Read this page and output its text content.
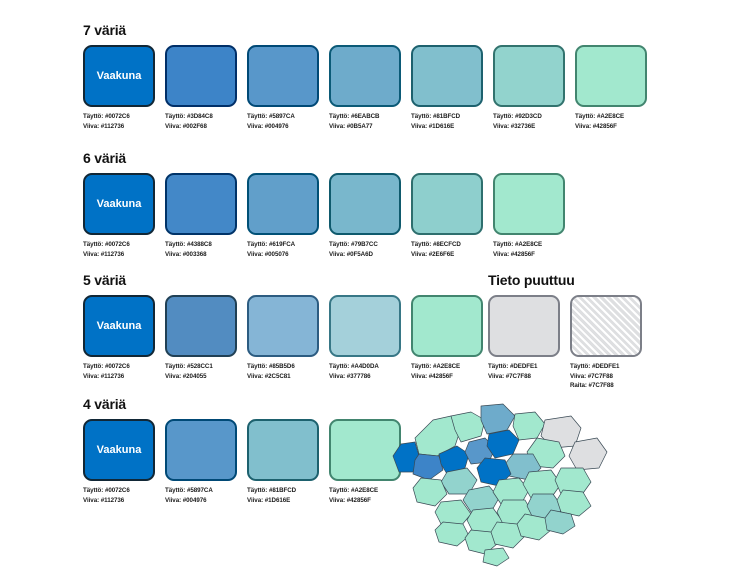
7 väriä
Vaakuna
Täyttö: #0072C6
Viiva: #112736
Täyttö: #3D84C8
Viiva: #002F68
Täyttö: #5897CA
Viiva: #004976
Täyttö: #6EABCB
Viiva: #0B5A77
Täyttö: #81BFCD
Viiva: #1D616E
Täyttö: #92D3CD
Viiva: #32736E
Täyttö: #A2E8CE
Viiva: #42856F
6 väriä
Vaakuna
Täyttö: #0072C6
Viiva: #112736
Täyttö: #4388C8
Viiva: #003368
Täyttö: #619FCA
Viiva: #005076
Täyttö: #79B7CC
Viiva: #0F5A6D
Täyttö: #8ECFCD
Viiva: #2E6F6E
Täyttö: #A2E8CE
Viiva: #42856F
5 väriä
Vaakuna
Täyttö: #0072C6
Viiva: #112736
Täyttö: #528CC1
Viiva: #204055
Täyttö: #85B5D6
Viiva: #2C5C81
Täyttö: #A4D0DA
Viiva: #377786
Täyttö: #A2E8CE
Viiva: #42856F
4 väriä
Vaakuna
Täyttö: #0072C6
Viiva: #112736
Täyttö: #5897CA
Viiva: #004976
Täyttö: #81BFCD
Viiva: #1D616E
Täyttö: #A2E8CE
Viiva: #42856F
Tieto puuttuu
Täyttö: #DEDFE1
Viiva: #7C7F88
Täyttö: #DEDFE1
Viiva: #7C7F88
Raita: #7C7F88
